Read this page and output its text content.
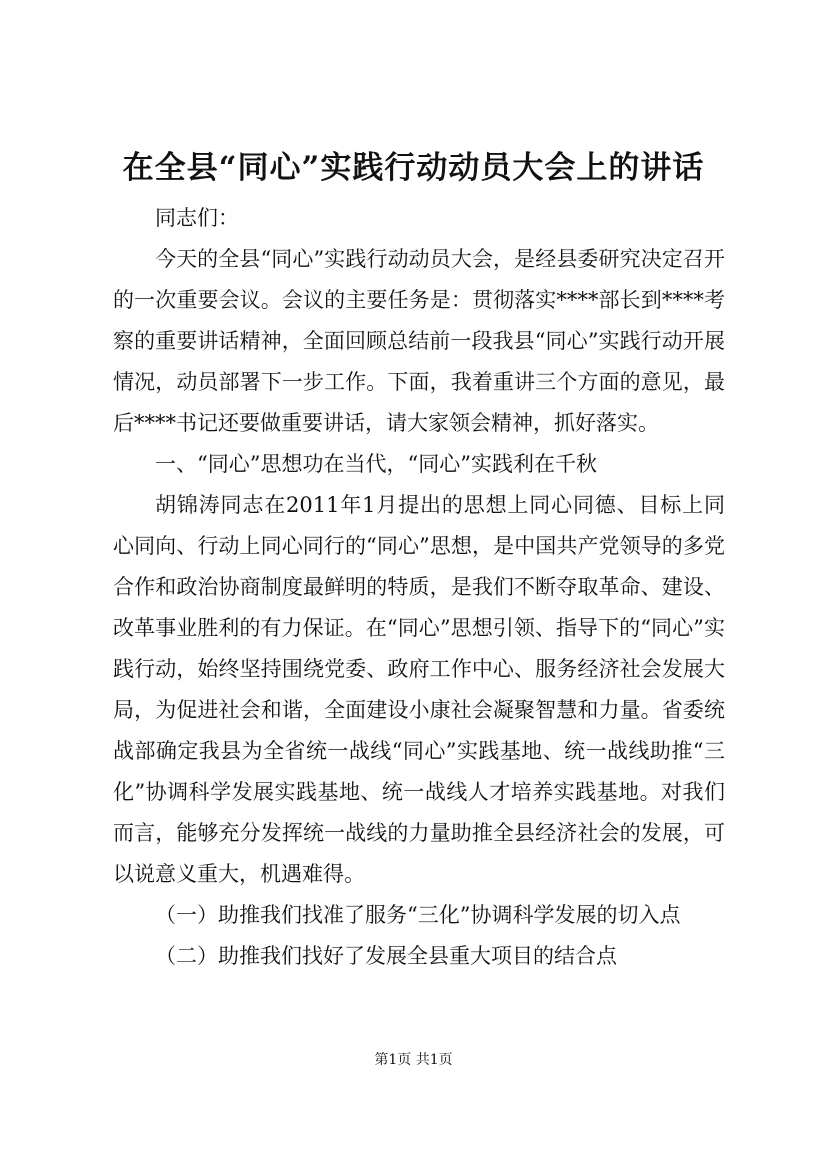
在全县“同心”实践行动动员大会上的讲话

同志们：

今天的全县“同心”实践行动动员大会，是经县委研究决定召开的一次重要会议。会议的主要任务是：贯彻落实****部长到****考察的重要讲话精神，全面回顾总结前一段我县“同心”实践行动开展情况，动员部署下一步工作。下面，我着重讲三个方面的意见，最后****书记还要做重要讲话，请大家领会精神，抓好落实。

一、“同心”思想功在当代，“同心”实践利在千秋

胡锦涛同志在2011年1月提出的思想上同心同德、目标上同心同向、行动上同心同行的“同心”思想，是中国共产党领导的多党合作和政治协商制度最鲜明的特质，是我们不断夺取革命、建设、改革事业胜利的有力保证。在“同心”思想引领、指导下的“同心”实践行动，始终坚持围绕党委、政府工作中心、服务经济社会发展大局，为促进社会和谐，全面建设小康社会凝聚智慧和力量。省委统战部确定我县为全省统一战线“同心”实践基地、统一战线助推“三化”协调科学发展实践基地、统一战线人才培养实践基地。对我们而言，能够充分发挥统一战线的力量助推全县经济社会的发展，可以说意义重大，机遇难得。

（一）助推我们找准了服务“三化”协调科学发展的切入点

（二）助推我们找好了发展全县重大项目的结合点

第1页 共1页
